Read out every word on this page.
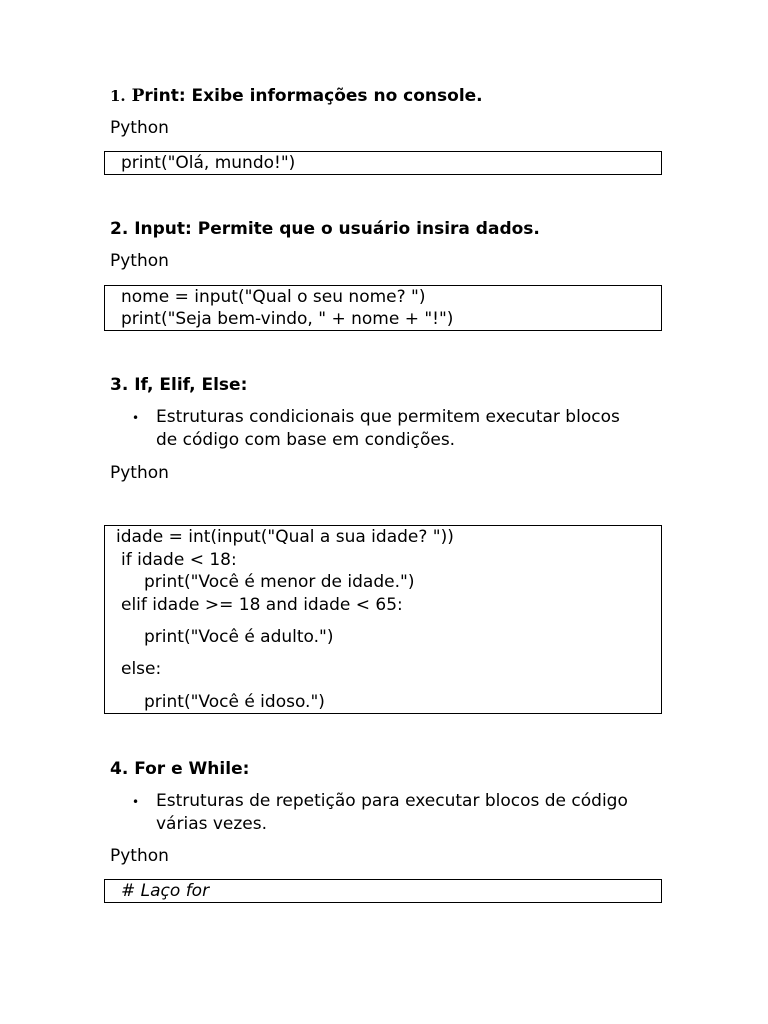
1. Print: Exibe informações no console.
Python
print("Olá, mundo!")
2. Input: Permite que o usuário insira dados.
Python
nome = input("Qual o seu nome? ")
print("Seja bem-vindo, " + nome + "!")
3. If, Elif, Else:
• Estruturas condicionais que permitem executar blocos
de código com base em condições.
Python
idade = int(input("Qual a sua idade? "))
if idade < 18:
print("Você é menor de idade.")
elif idade >= 18 and idade < 65:
print("Você é adulto.")
else:
print("Você é idoso.")
4. For e While:
• Estruturas de repetição para executar blocos de código
várias vezes.
Python
# Laço for
